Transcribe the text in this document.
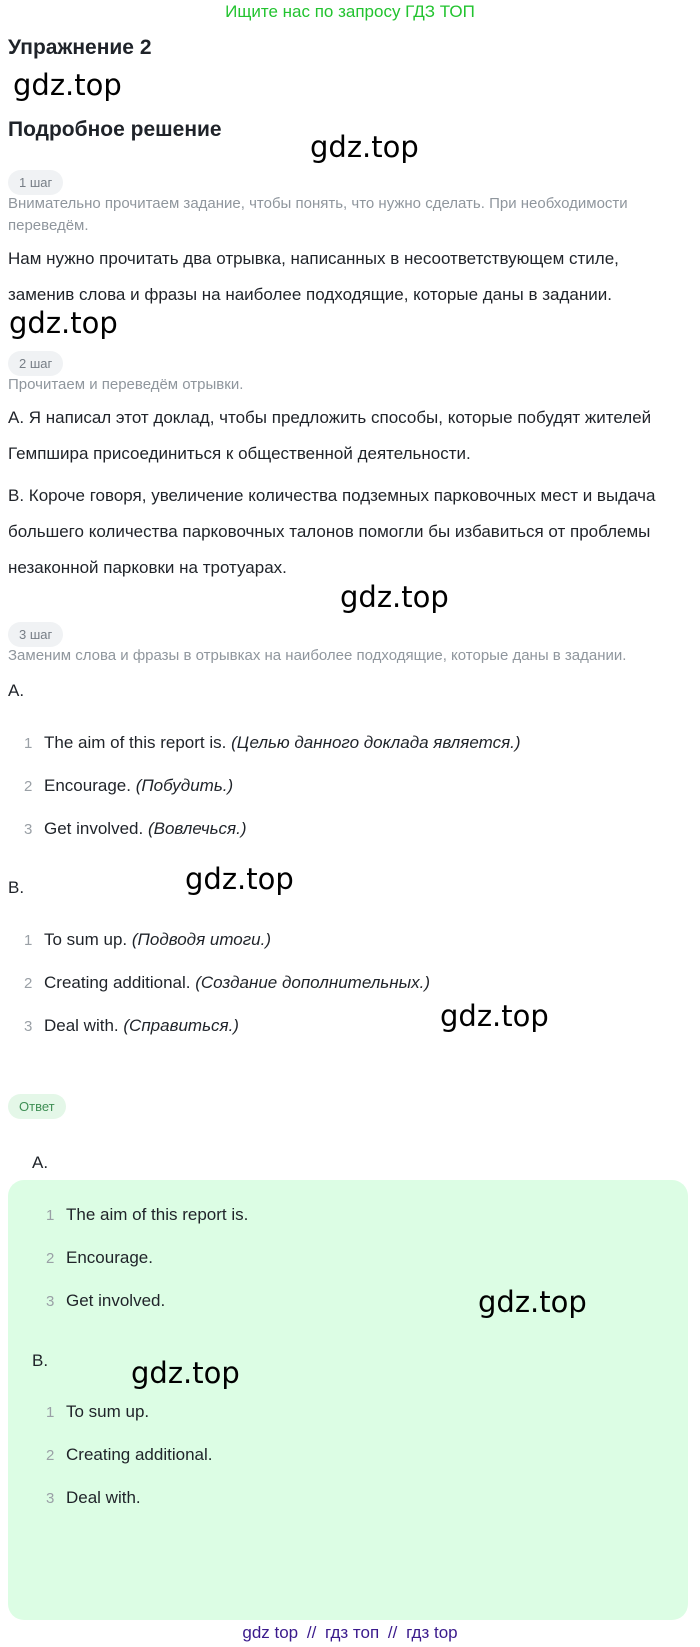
Ищите нас по запросу ГДЗ ТОП
Упражнение 2
gdz.top
Подробное решение
gdz.top
1 шаг
Внимательно прочитаем задание, чтобы понять, что нужно сделать. При необходимости переведём.
Нам нужно прочитать два отрывка, написанных в несоответствующем стиле, заменив слова и фразы на наиболее подходящие, которые даны в задании.
gdz.top
2 шаг
Прочитаем и переведём отрывки.
A. Я написал этот доклад, чтобы предложить способы, которые побудят жителей Гемпшира присоединиться к общественной деятельности.
B. Короче говоря, увеличение количества подземных парковочных мест и выдача большего количества парковочных талонов помогли бы избавиться от проблемы незаконной парковки на тротуарах.
gdz.top
3 шаг
Заменим слова и фразы в отрывках на наиболее подходящие, которые даны в задании.
A.
1 The aim of this report is. (Целью данного доклада является.)
2 Encourage. (Побудить.)
3 Get involved. (Вовлечься.)
B.	gdz.top
1 To sum up. (Подводя итоги.)
2 Creating additional. (Создание дополнительных.)
3 Deal with. (Справиться.)	gdz.top
Ответ
A.
1 The aim of this report is.
2 Encourage.
3 Get involved.	gdz.top
B.	gdz.top
1 To sum up.
2 Creating additional.
3 Deal with.
gdz top // гдз топ // гдз top
